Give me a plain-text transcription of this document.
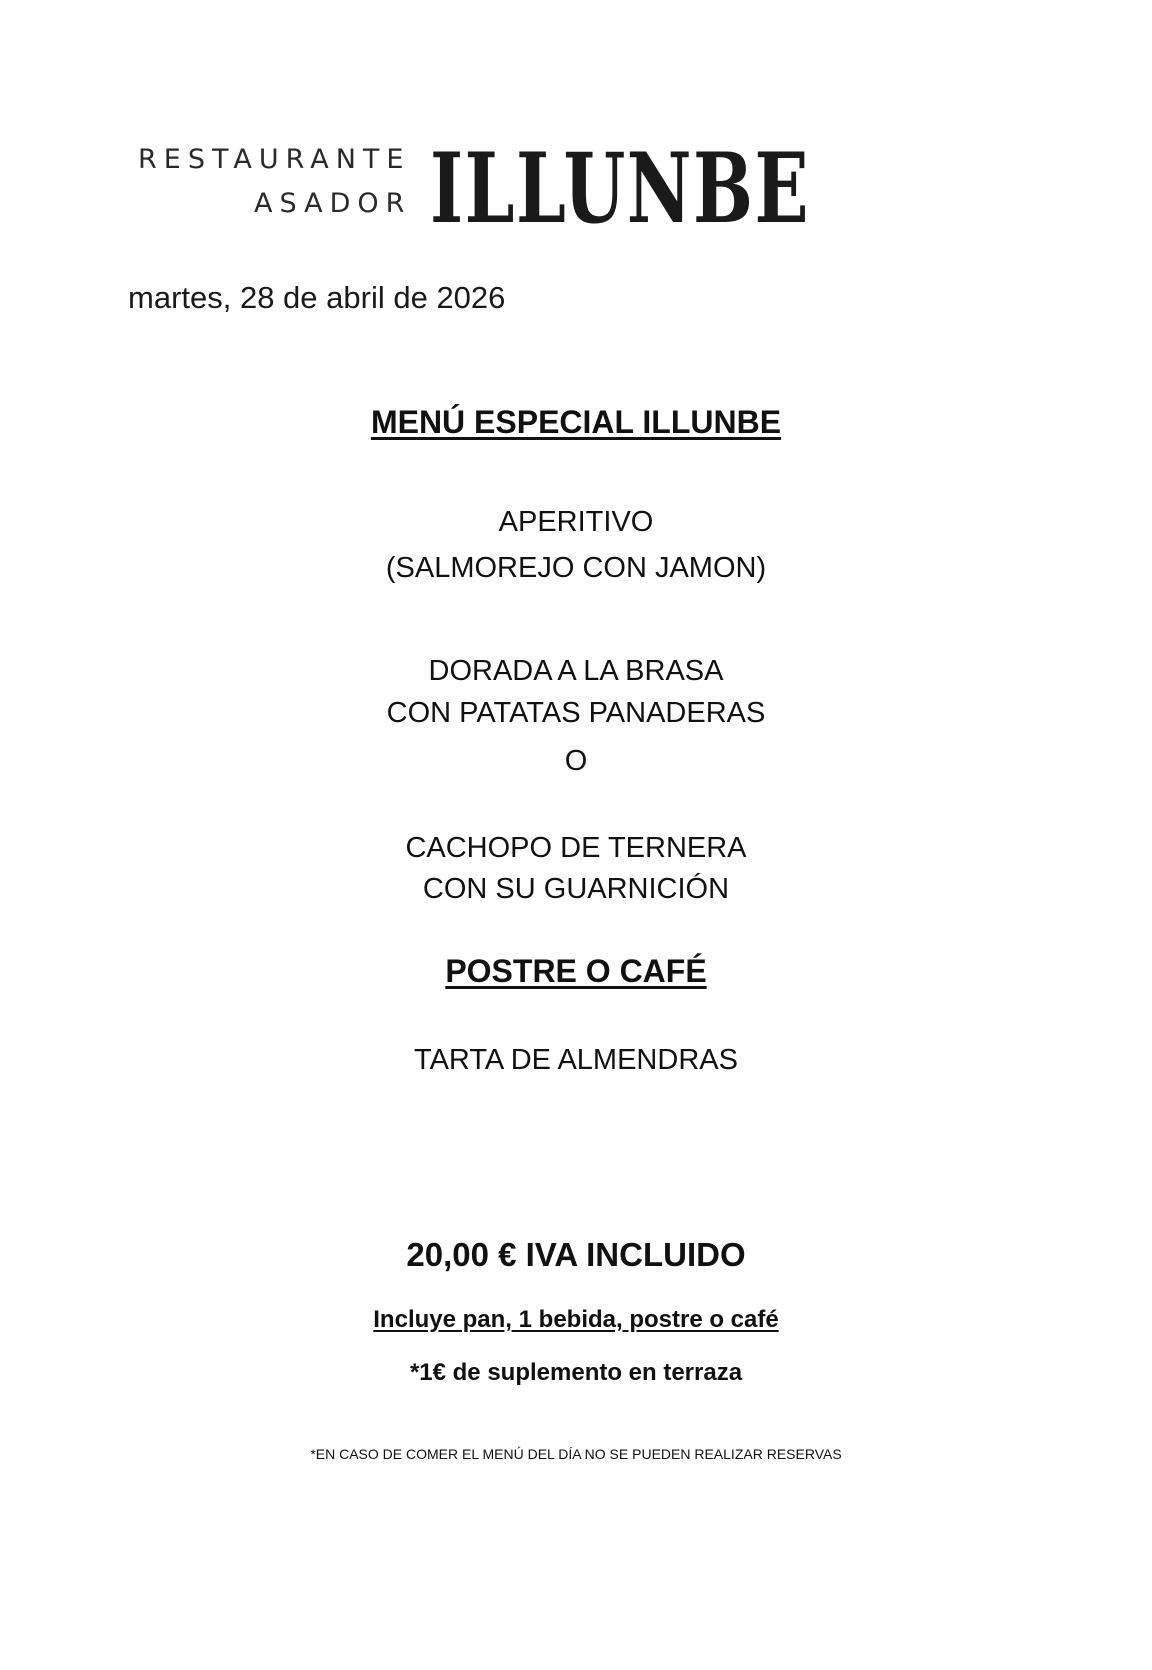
RESTAURANTE
ASADOR ILLUNBE
martes, 28 de abril de 2026
MENÚ ESPECIAL ILLUNBE
APERITIVO
(SALMOREJO CON JAMON)
DORADA A LA BRASA
CON PATATAS PANADERAS
O
CACHOPO DE TERNERA
CON SU GUARNICIÓN
POSTRE O CAFÉ
TARTA DE ALMENDRAS
20,00 € IVA INCLUIDO
Incluye pan, 1 bebida, postre o café
*1€ de suplemento en terraza
*EN CASO DE COMER EL MENÚ DEL DÍA NO SE PUEDEN REALIZAR RESERVAS
